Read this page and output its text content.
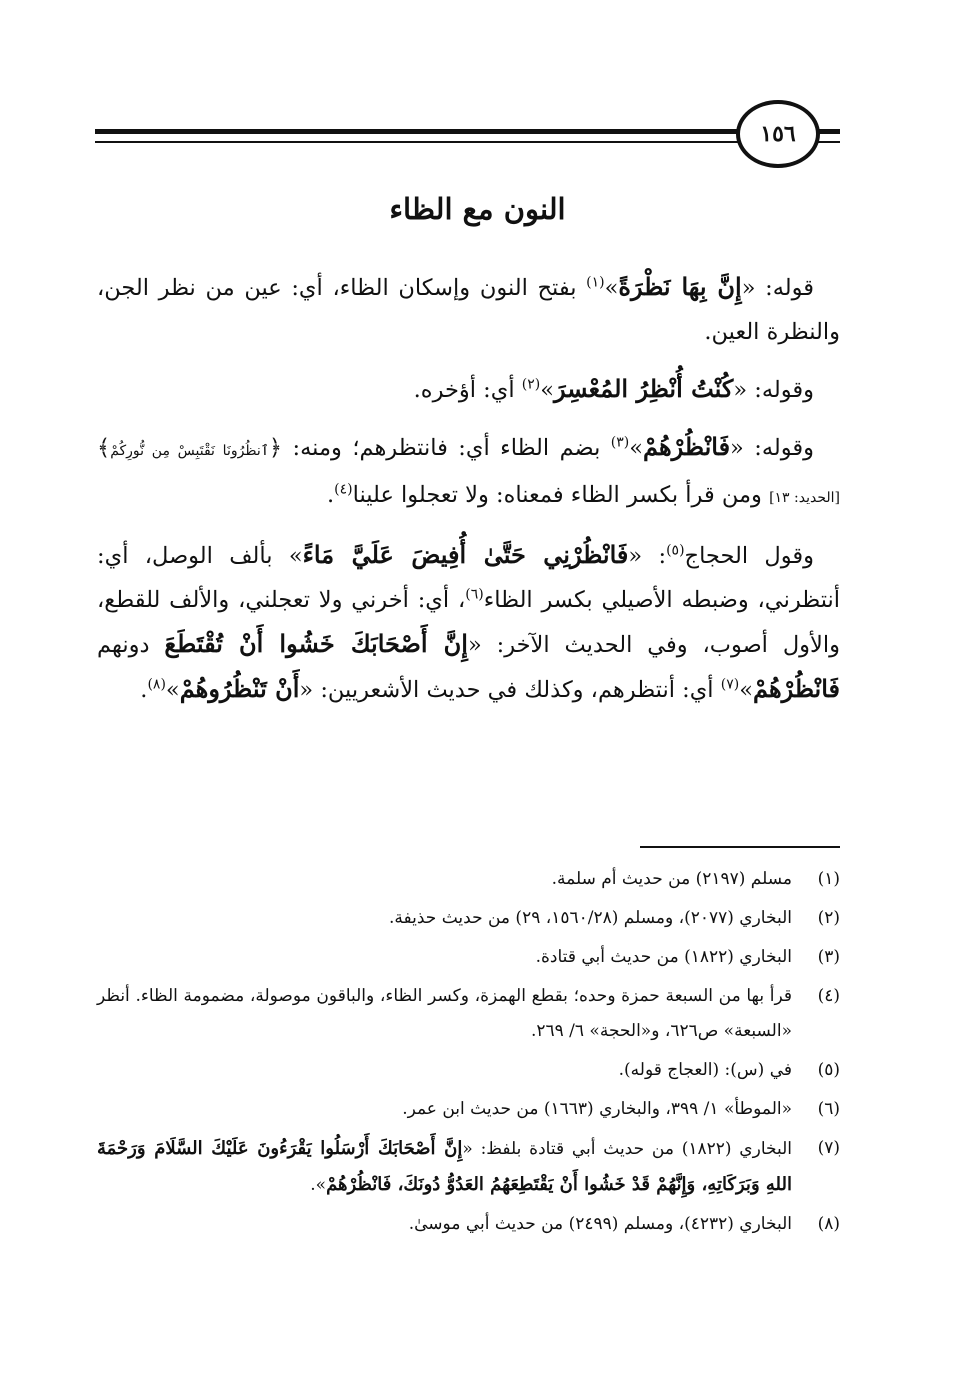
١٥٦
النون مع الظاء

قوله: «إِنَّ بِهَا نَظْرَةً»$^{(١)}$ بفتح النون وإسكان الظاء، أي: عين من نظر الجن، والنظرة العين.

وقوله: «كُنْتُ أُنْظِرُ المُعْسِرَ»$^{(٢)}$ أي: أؤخره.

وقوله: «فَانْظُرْهُمْ»$^{(٣)}$ بضم الظاء أي: فانتظرهم؛ ومنه: ﴿ٱنظُرُونَا نَقْتَبِسْ مِن نُّورِكُمْ﴾ [الحديد: ١٣] ومن قرأ بكسر الظاء فمعناه: ولا تعجلوا علينا$^{(٤)}$.

وقول الحجاج$^{(٥)}$: «فَانْظُرْنِي حَتَّىٰ أُفِيضَ عَلَيَّ مَاءً» بألف الوصل، أي: أنتظرني، وضبطه الأصيلي بكسر الظاء$^{(٦)}$، أي: أخرني ولا تعجلني، والألف للقطع، والأول أصوب، وفي الحديث الآخر: «إِنَّ أَصْحَابَكَ خَشُوا أَنْ تُقْتَطَعَ دونهم فَانْظُرْهُمْ»$^{(٧)}$ أي: أنتظرهم، وكذلك في حديث الأشعريين: «أَنْ تَنْظُرُوهُمْ»$^{(٨)}$.

(١)
مسلم (٢١٩٧) من حديث أم سلمة.
(٢)
البخاري (٢٠٧٧)، ومسلم (١٥٦٠/٢٨، ٢٩) من حديث حذيفة.
(٣)
البخاري (١٨٢٢) من حديث أبي قتادة.
(٤)
قرأ بها من السبعة حمزة وحده؛ بقطع الهمزة، وكسر الظاء، والباقون موصولة، مضمومة الظاء. أنظر «السبعة» ص٦٢٦، و«الحجة» ٦/ ٢٦٩.
(٥)
في (س): (العجاج قوله).
(٦)
«الموطأ» ١/ ٣٩٩، والبخاري (١٦٦٣) من حديث ابن عمر.
(٧)
البخاري (١٨٢٢) من حديث أبي قتادة بلفظ: «إِنَّ أَصْحَابَكَ أَرْسَلُوا يَقْرَءُونَ عَلَيْكَ السَّلَامَ وَرَحْمَةَ اللهِ وَبَرَكَاتِهِ، وَإِنَّهُمْ قَدْ خَشُوا أَنْ يَقْتَطِعَهُمُ العَدُوُّ دُونَكَ، فَانْظُرْهُمْ».
(٨)
البخاري (٤٢٣٢)، ومسلم (٢٤٩٩) من حديث أبي موسىٰ.
